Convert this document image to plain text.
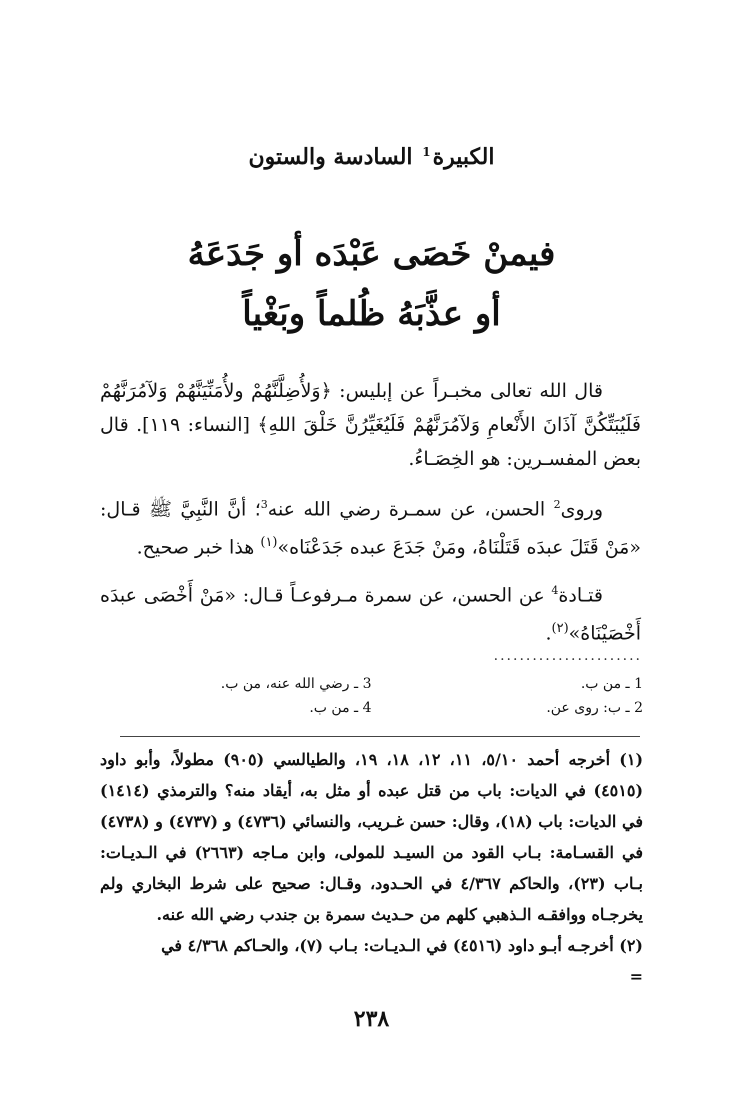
الكبيرة$^1$ السادسة والستون
فيمنْ خَصَى عَبْدَه أو جَدَعَهُ
أو عذَّبَهُ ظُلماً وبَغْياً

قال الله تعالى مخبـراً عن إبليس: ﴿وَلأُضِلَّنَّهُمْ ولأُمَنِّيَنَّهُمْ وَلآمُرَنَّهُمْ فَلَيُبَتِّكُنَّ آذَانَ الأَنْعامِ وَلآمُرَنَّهُمْ فَلَيُغَيِّرُنَّ خَلْقَ اللهِ﴾ [النساء: ١١٩]. قال بعض المفسـرين: هو الخِصَـاءُ.

وروى$^2$ الحسن، عن سمـرة رضي الله عنه$^3$؛ أنَّ النَّبِيَّ ﷺ قـال: «مَنْ قَتَلَ عبدَه قَتَلْنَاهُ، ومَنْ جَدَعَ عبده جَدَعْنَاه»$^{(١)}$ هذا خبر صحيح.

قتـادة$^4$ عن الحسن، عن سمرة مـرفوعـاً قـال: «مَنْ أَخْصَى عبدَه أَخْصَيْنَاهُ»$^{(٢)}$.

.......................
1 ـ من ب.
3 ـ رضي الله عنه، من ب.
2 ـ ب: روى عن.
4 ـ من ب.

(١) أخرجه أحمد ٥/١٠، ١١، ١٢، ١٨، ١٩، والطيالسي (٩٠٥) مطولاً، وأبو داود (٤٥١٥) في الديات: باب من قتل عبده أو مثل به، أيقاد منه؟ والترمذي (١٤١٤) في الديات: باب (١٨)، وقال: حسن غـريب، والنسائي (٤٧٣٦) و (٤٧٣٧) و (٤٧٣٨) في القسـامة: بـاب القود من السيـد للمولى، وابن مـاجه (٢٦٦٣) في الـديـات: بـاب (٢٣)، والحاكم ٤/٣٦٧ في الحـدود، وقـال: صحيح على شرط البخاري ولم يخرجـاه ووافقـه الـذهبي كلهم من حـديث سمرة بن جندب رضي الله عنه.

(٢) أخرجـه أبـو داود (٤٥١٦) في الـديـات: بـاب (٧)، والحـاكم ٤/٣٦٨ في

=

٢٣٨
